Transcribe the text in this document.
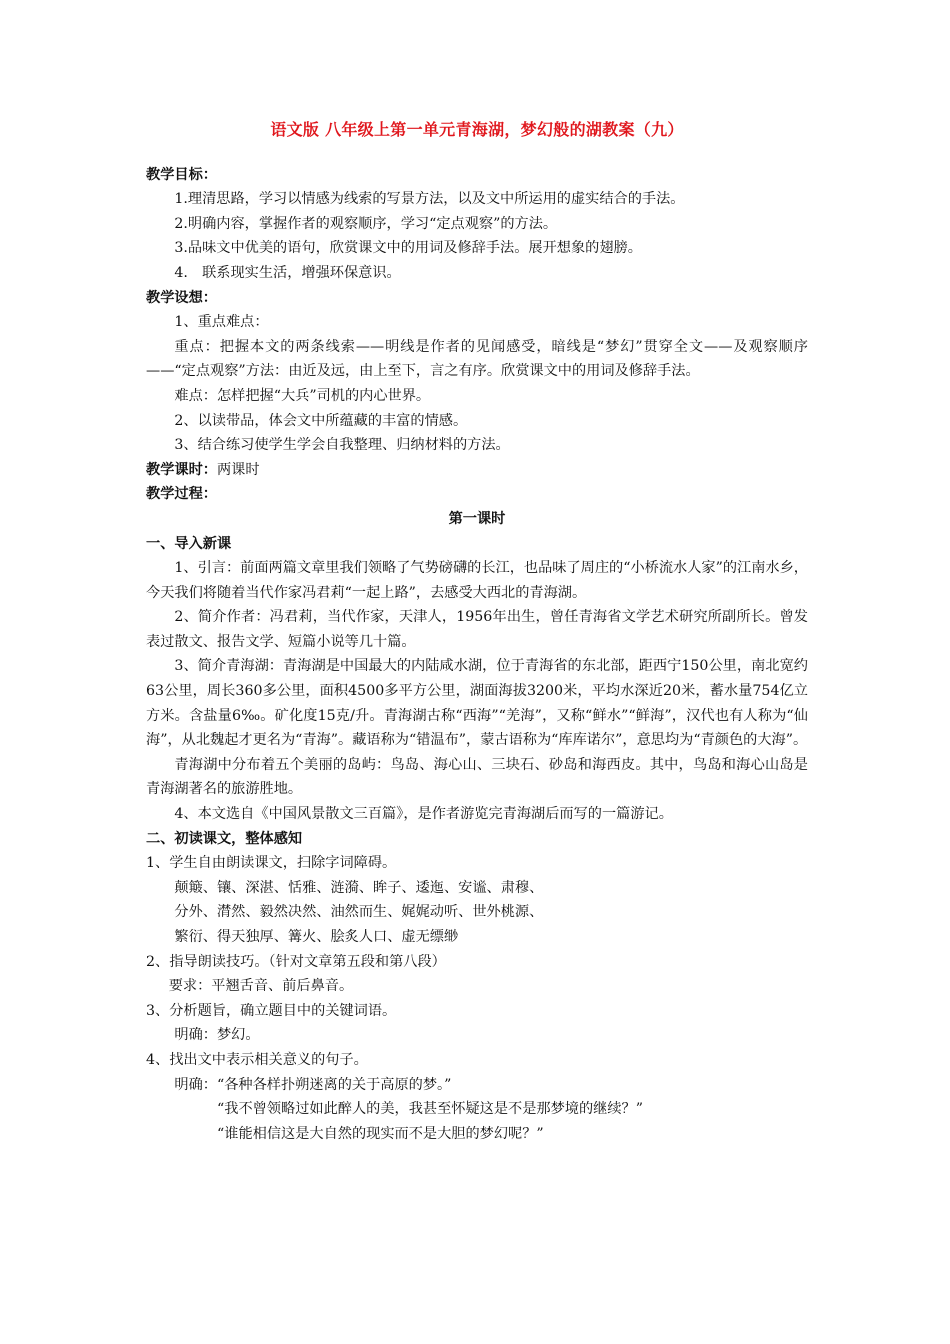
语文版 八年级上第一单元青海湖，梦幻般的湖教案（九）

教学目标：

1.理清思路，学习以情感为线索的写景方法，以及文中所运用的虚实结合的手法。

2.明确内容，掌握作者的观察顺序，学习“定点观察”的方法。

3.品味文中优美的语句，欣赏课文中的用词及修辞手法。展开想象的翅膀。

4.　联系现实生活，增强环保意识。

教学设想：

1、重点难点：

重点：把握本文的两条线索——明线是作者的见闻感受，暗线是“梦幻”贯穿全文——及观察顺序——“定点观察”方法：由近及远，由上至下，言之有序。欣赏课文中的用词及修辞手法。

难点：怎样把握“大兵”司机的内心世界。

2、以读带品，体会文中所蕴藏的丰富的情感。

3、结合练习使学生学会自我整理、归纳材料的方法。

教学课时：两课时

教学过程：

第一课时

一、导入新课

1、引言：前面两篇文章里我们领略了气势磅礴的长江，也品味了周庄的“小桥流水人家”的江南水乡，今天我们将随着当代作家冯君莉“一起上路”，去感受大西北的青海湖。

2、简介作者：冯君莉，当代作家，天津人，1956年出生，曾任青海省文学艺术研究所副所长。曾发表过散文、报告文学、短篇小说等几十篇。

3、简介青海湖：青海湖是中国最大的内陆咸水湖，位于青海省的东北部，距西宁150公里，南北宽约63公里，周长360多公里，面积4500多平方公里，湖面海拔3200米，平均水深近20米，蓄水量754亿立方米。含盐量6‰。矿化度15克/升。青海湖古称“西海”“羌海”，又称“鲜水”“鲜海”，汉代也有人称为“仙海”，从北魏起才更名为“青海”。藏语称为“错温布”，蒙古语称为“库库诺尔”，意思均为“青颜色的大海”。

青海湖中分布着五个美丽的岛屿：鸟岛、海心山、三块石、砂岛和海西皮。其中，鸟岛和海心山岛是青海湖著名的旅游胜地。

4、本文选自《中国风景散文三百篇》，是作者游览完青海湖后而写的一篇游记。

二、初读课文，整体感知

1、学生自由朗读课文，扫除字词障碍。

颠簸、镶、深湛、恬雅、涟漪、眸子、逶迤、安谧、肃穆、

分外、潸然、毅然决然、油然而生、娓娓动听、世外桃源、

繁衍、得天独厚、篝火、脍炙人口、虚无缥缈

2、指导朗读技巧。（针对文章第五段和第八段）

要求：平翘舌音、前后鼻音。

3、分析题旨，确立题目中的关键词语。

明确：梦幻。

4、找出文中表示相关意义的句子。

明确：“各种各样扑朔迷离的关于高原的梦。”

“我不曾领略过如此醉人的美，我甚至怀疑这是不是那梦境的继续？”

“谁能相信这是大自然的现实而不是大胆的梦幻呢？”
